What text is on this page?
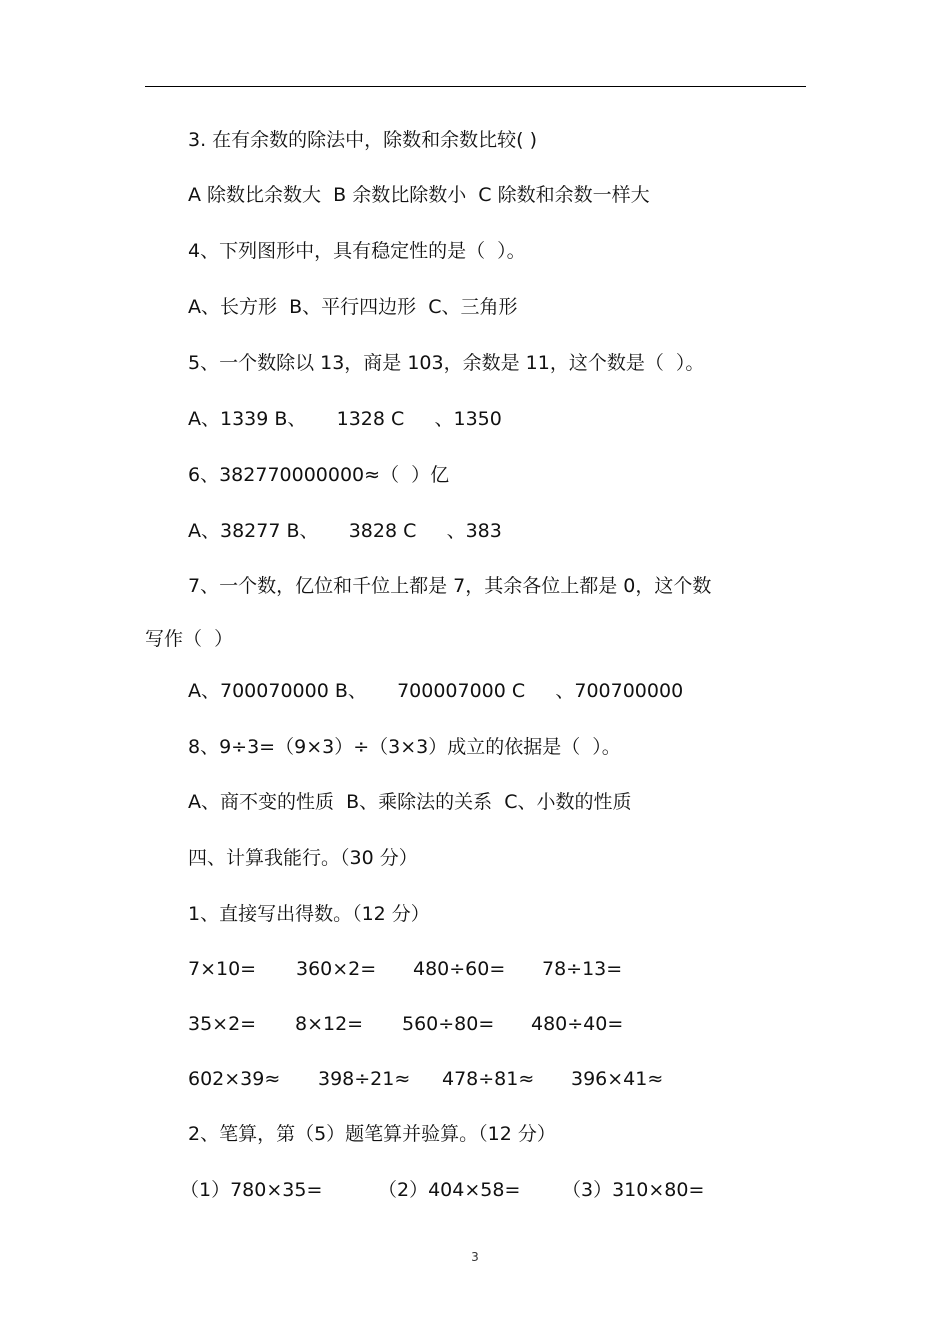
3. 在有余数的除法中，除数和余数比较( )
A 除数比余数大  B 余数比除数小  C 除数和余数一样大
4、下列图形中，具有稳定性的是（  ）。
A、长方形  B、平行四边形  C、三角形
5、一个数除以 13，商是 103，余数是 11，这个数是（  ）。
A、1339 B、     1328 C     、1350
6、382770000000≈（  ）亿
A、38277 B、     3828 C     、383
7、一个数，亿位和千位上都是 7，其余各位上都是 0，这个数
写作（  ）
A、700070000 B、     700007000 C     、700700000
8、9÷3=（9×3）÷（3×3）成立的依据是（  ）。
A、商不变的性质  B、乘除法的关系  C、小数的性质
四、计算我能行。（30 分）
1、直接写出得数。（12 分）

7×10=

360×2=

480÷60=

78÷13=

35×2=

8×12=

560÷80=

480÷40=

602×39≈

398÷21≈

478÷81≈

396×41≈

2、笔算，第（5）题笔算并验算。（12 分）

（1）780×35=

	（2）404×58=

（3）310×80=

3
